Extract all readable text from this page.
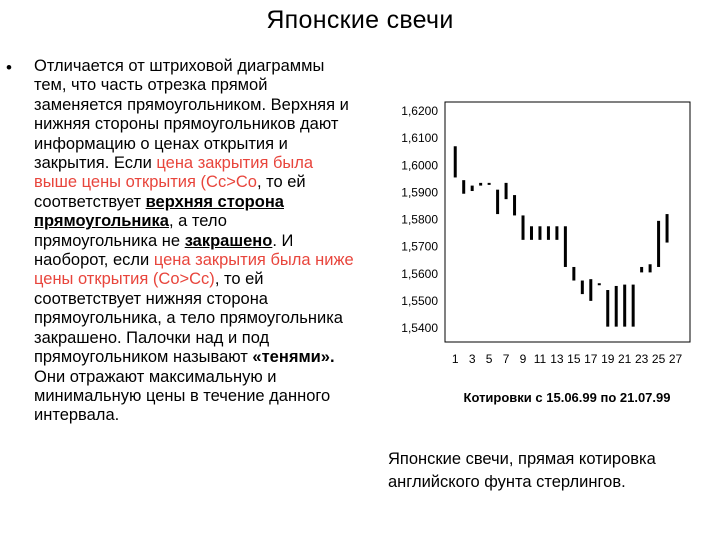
Японские свечи
• Отличается от штриховой диаграммы тем, что часть отрезка прямой заменяется прямоугольником. Верхняя и нижняя стороны прямоугольников дают информацию о ценах открытия и закрытия. Если цена закрытия была выше цены открытия (Сс>Со, то ей соответствует верхняя сторона прямоугольника, а тело прямоугольника не закрашено. И наоборот, если цена закрытия была ниже цены открытия (Со>Сс), то ей соответствует нижняя сторона прямоугольника, а тело прямоугольника закрашено. Палочки над и под прямоугольником называют «тенями». Они отражают максимальную и минимальную цены в течение данного интервала.
1,6200
1,6100
1,6000
1,5900
1,5800
1,5700
1,5600
1,5500
1,5400
1 3 5 7 9 11 13 15 17 19 21 23 25 27
Котировки с 15.06.99 по 21.07.99
Японские свечи, прямая котировка английского фунта стерлингов.
